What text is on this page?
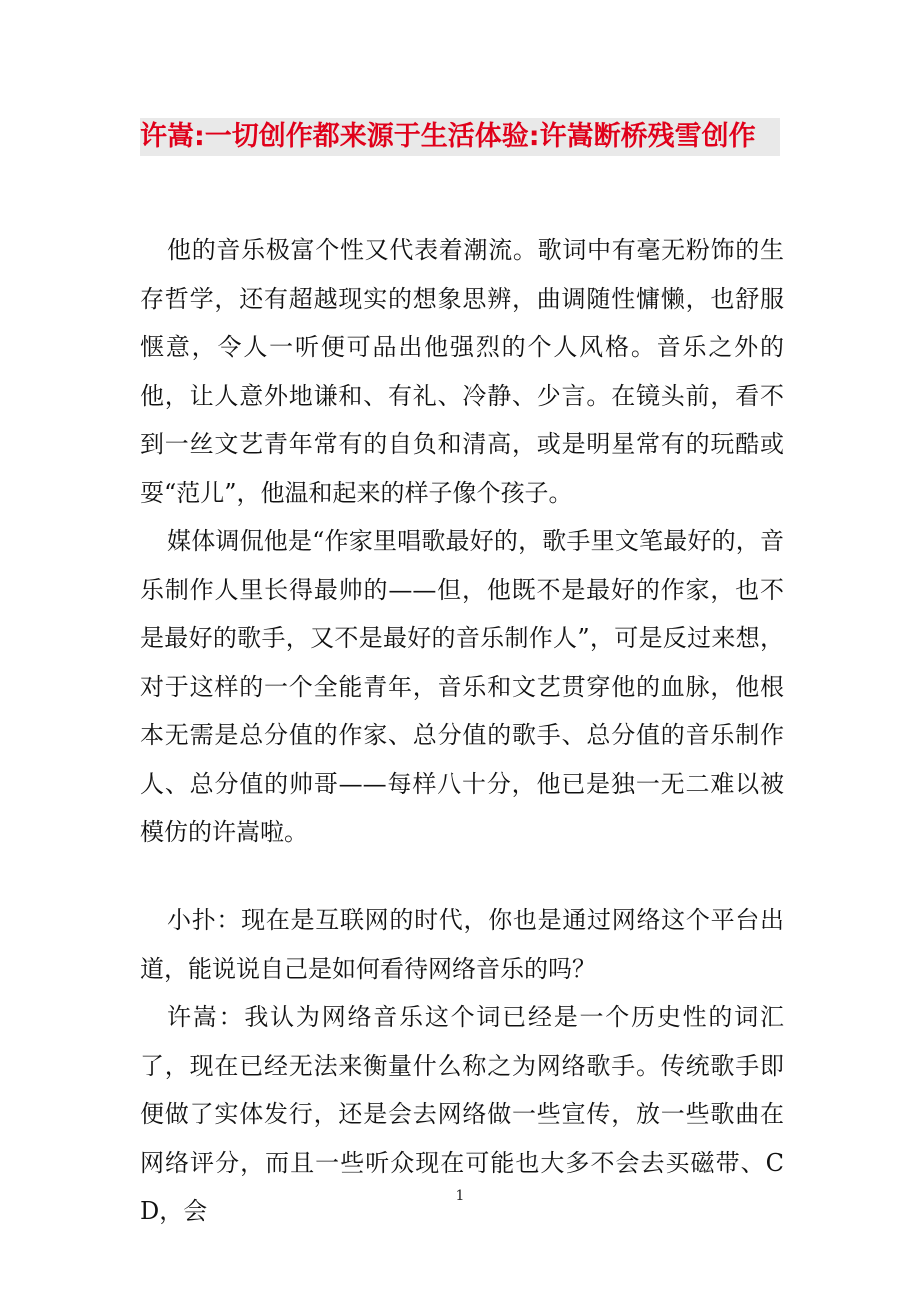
许嵩:一切创作都来源于生活体验:许嵩断桥残雪创作

他的音乐极富个性又代表着潮流。歌词中有毫无粉饰的生存哲学，还有超越现实的想象思辨，曲调随性慵懒，也舒服惬意，令人一听便可品出他强烈的个人风格。音乐之外的他，让人意外地谦和、有礼、冷静、少言。在镜头前，看不到一丝文艺青年常有的自负和清高，或是明星常有的玩酷或耍“范儿”，他温和起来的样子像个孩子。

媒体调侃他是“作家里唱歌最好的，歌手里文笔最好的，音乐制作人里长得最帅的——但，他既不是最好的作家，也不是最好的歌手，又不是最好的音乐制作人”，可是反过来想，对于这样的一个全能青年，音乐和文艺贯穿他的血脉，他根本无需是总分值的作家、总分值的歌手、总分值的音乐制作人、总分值的帅哥——每样八十分，他已是独一无二难以被模仿的许嵩啦。

小扑：现在是互联网的时代，你也是通过网络这个平台出道，能说说自己是如何看待网络音乐的吗？

许嵩：我认为网络音乐这个词已经是一个历史性的词汇了，现在已经无法来衡量什么称之为网络歌手。传统歌手即便做了实体发行，还是会去网络做一些宣传，放一些歌曲在网络评分，而且一些听众现在可能也大多不会去买磁带、CD，会

1
